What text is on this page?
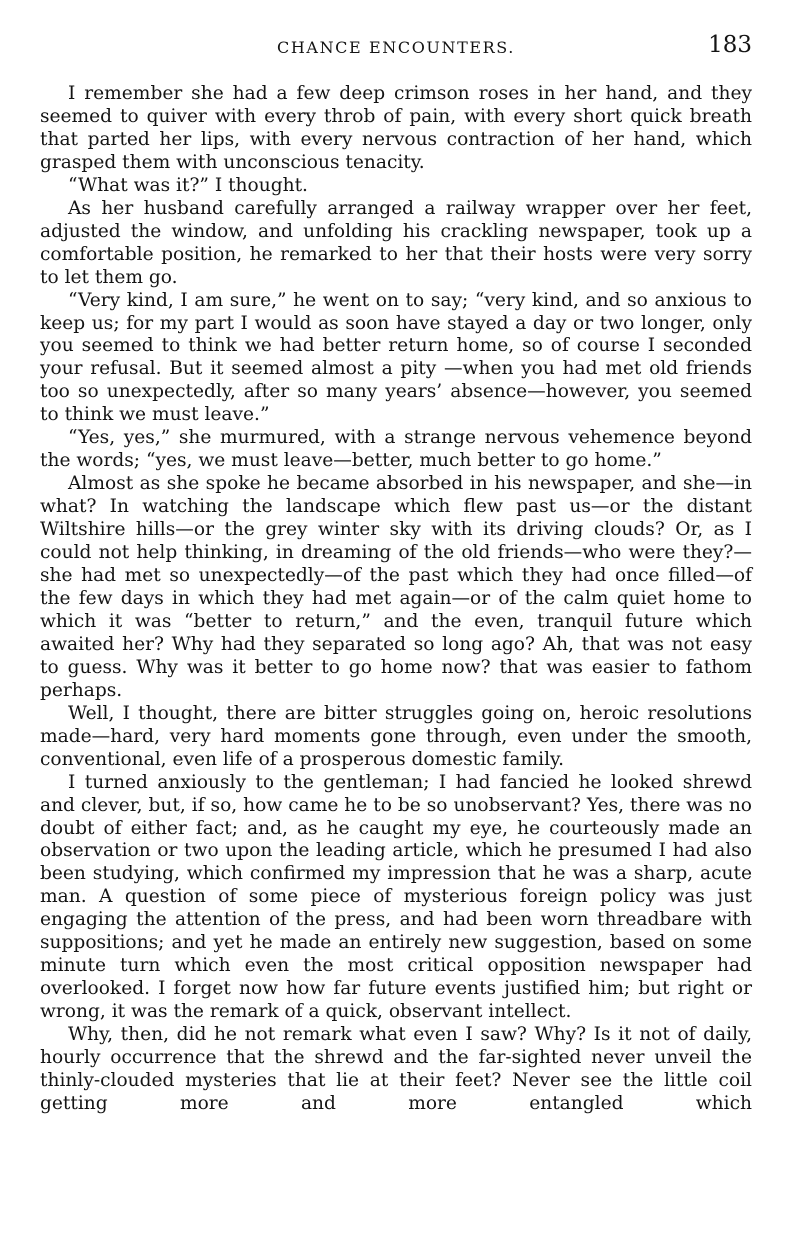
CHANCE ENCOUNTERS.	183

I remember she had a few deep crimson roses in her hand, and they seemed to quiver with every throb of pain, with every short quick breath that parted her lips, with every nervous contraction of her hand, which grasped them with unconscious tenacity.

“What was it?” I thought.

As her husband carefully arranged a railway wrapper over her feet, adjusted the window, and unfolding his crackling newspaper, took up a comfortable position, he remarked to her that their hosts were very sorry to let them go.

“Very kind, I am sure,” he went on to say; “very kind, and so anxious to keep us; for my part I would as soon have stayed a day or two longer, only you seemed to think we had better return home, so of course I seconded your refusal. But it seemed almost a pity —when you had met old friends too so unexpectedly, after so many years’ absence—however, you seemed to think we must leave.”

“Yes, yes,” she murmured, with a strange nervous vehemence beyond the words; “yes, we must leave—better, much better to go home.”

Almost as she spoke he became absorbed in his newspaper, and she—in what? In watching the landscape which flew past us—or the distant Wiltshire hills—or the grey winter sky with its driving clouds? Or, as I could not help thinking, in dreaming of the old friends—who were they?—she had met so unexpectedly—of the past which they had once filled—of the few days in which they had met again—or of the calm quiet home to which it was “better to return,” and the even, tranquil future which awaited her? Why had they separated so long ago? Ah, that was not easy to guess. Why was it better to go home now? that was easier to fathom perhaps.

Well, I thought, there are bitter struggles going on, heroic resolutions made—hard, very hard moments gone through, even under the smooth, conventional, even life of a prosperous domestic family.

I turned anxiously to the gentleman; I had fancied he looked shrewd and clever, but, if so, how came he to be so unobservant? Yes, there was no doubt of either fact; and, as he caught my eye, he courteously made an observation or two upon the leading article, which he presumed I had also been studying, which confirmed my impression that he was a sharp, acute man. A question of some piece of mysterious foreign policy was just engaging the attention of the press, and had been worn threadbare with suppositions; and yet he made an entirely new suggestion, based on some minute turn which even the most critical opposition newspaper had overlooked. I forget now how far future events justified him; but right or wrong, it was the remark of a quick, observant intellect.

Why, then, did he not remark what even I saw? Why? Is it not of daily, hourly occurrence that the shrewd and the far-sighted never unveil the thinly-clouded mysteries that lie at their feet? Never see the little coil getting more and more entangled which
